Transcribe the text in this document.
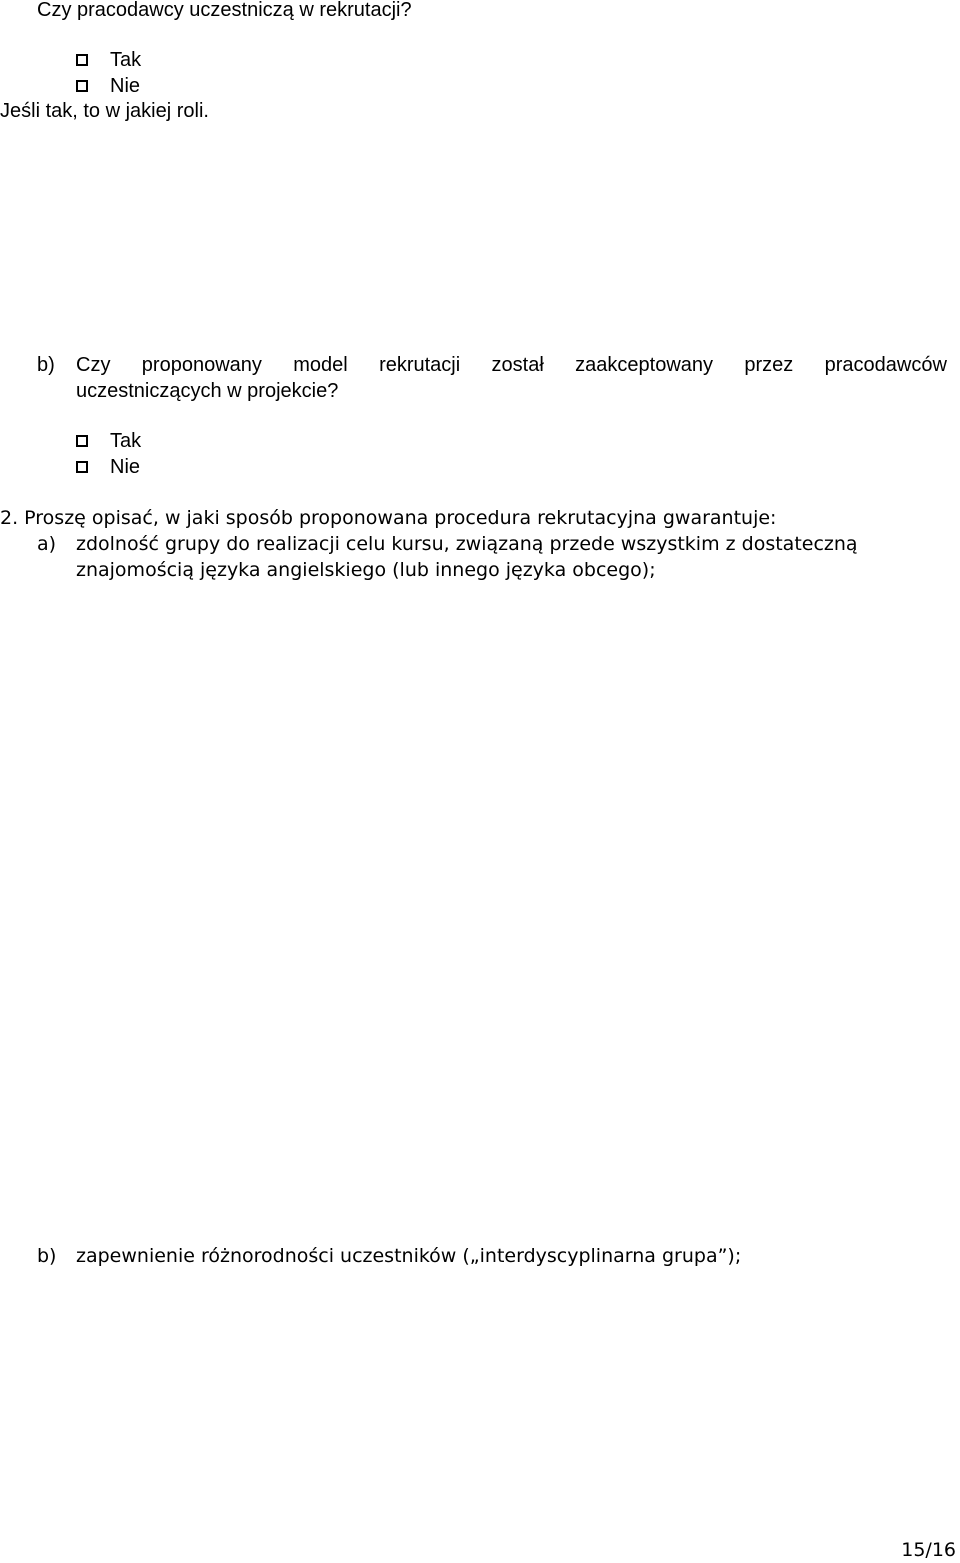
Czy pracodawcy uczestniczą w rekrutacji?
Tak
Nie
Jeśli tak, to w jakiej roli.
b) Czy proponowany model rekrutacji został zaakceptowany przez pracodawców
uczestniczących w projekcie?
Tak
Nie
2. Proszę opisać, w jaki sposób proponowana procedura rekrutacyjna gwarantuje:
a) zdolność grupy do realizacji celu kursu, związaną przede wszystkim z dostateczną
znajomością języka angielskiego (lub innego języka obcego);
b) zapewnienie różnorodności uczestników („interdyscyplinarna grupa”);
15/16
